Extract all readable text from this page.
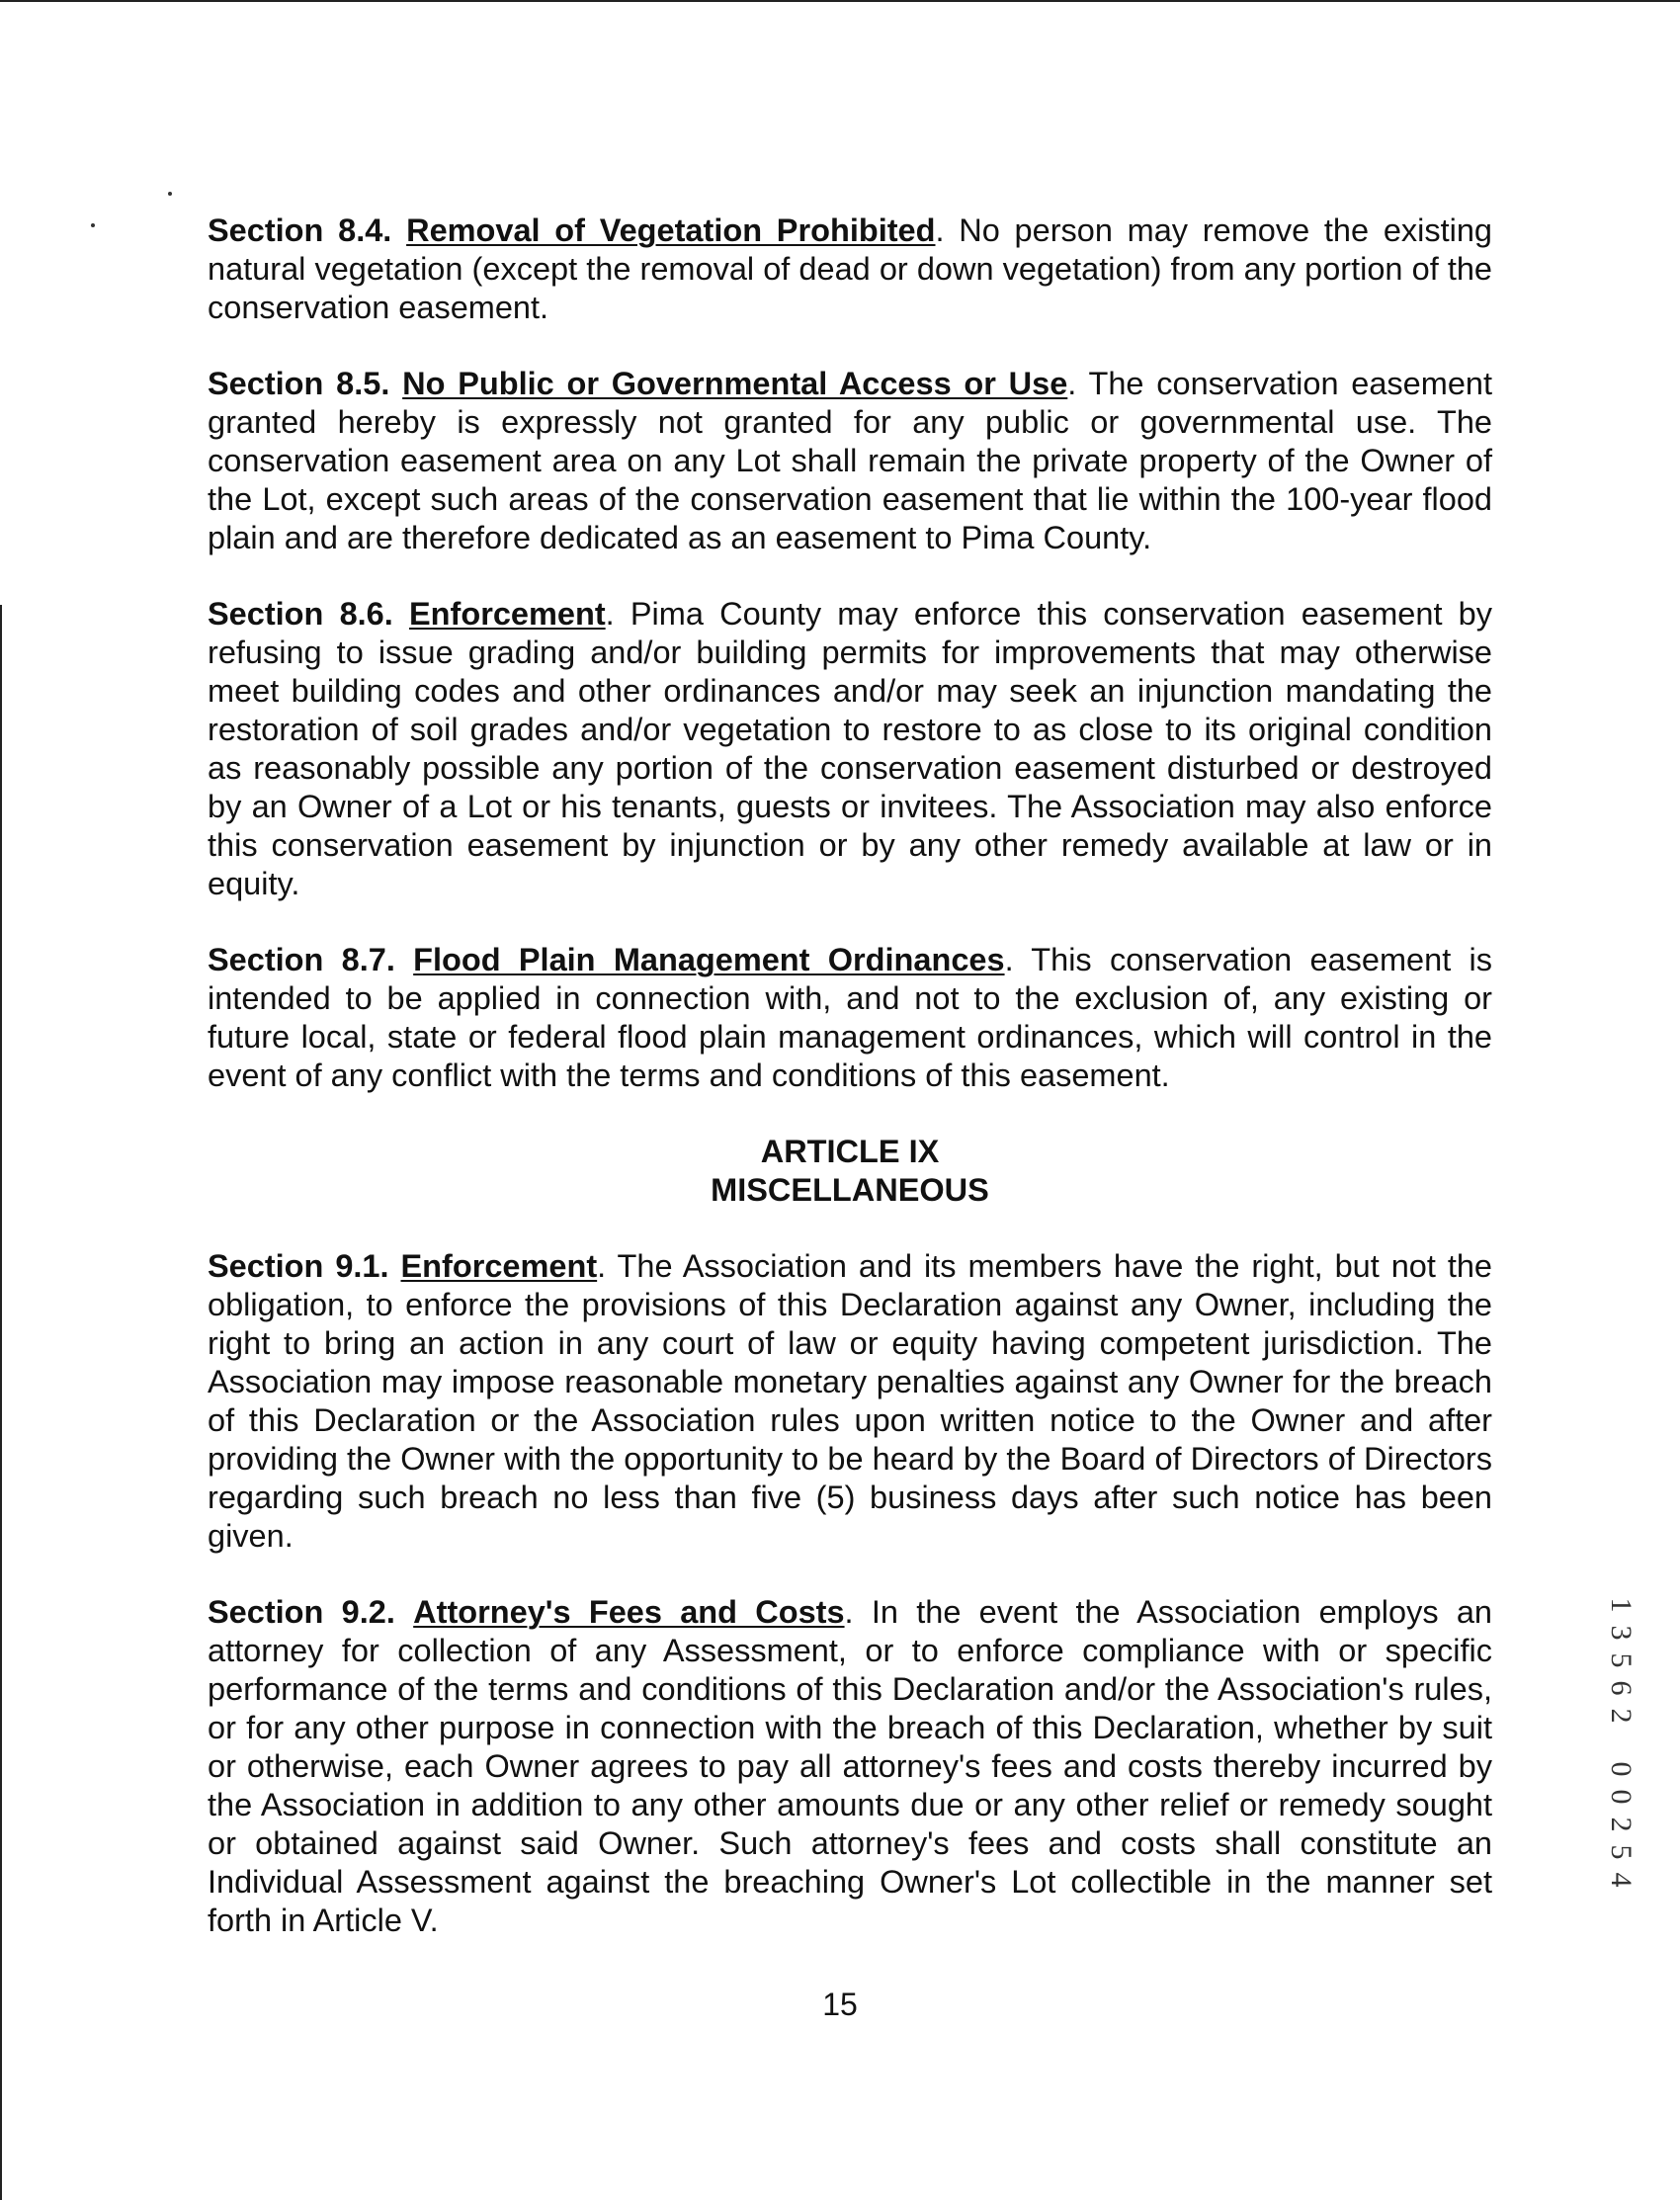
Section 8.4. Removal of Vegetation Prohibited. No person may remove the existing natural vegetation (except the removal of dead or down vegetation) from any portion of the conservation easement.

Section 8.5. No Public or Governmental Access or Use. The conservation easement granted hereby is expressly not granted for any public or governmental use. The conservation easement area on any Lot shall remain the private property of the Owner of the Lot, except such areas of the conservation easement that lie within the 100-year flood plain and are therefore dedicated as an easement to Pima County.

Section 8.6. Enforcement. Pima County may enforce this conservation easement by refusing to issue grading and/or building permits for improvements that may otherwise meet building codes and other ordinances and/or may seek an injunction mandating the restoration of soil grades and/or vegetation to restore to as close to its original condition as reasonably possible any portion of the conservation easement disturbed or destroyed by an Owner of a Lot or his tenants, guests or invitees. The Association may also enforce this conservation easement by injunction or by any other remedy available at law or in equity.

Section 8.7. Flood Plain Management Ordinances. This conservation easement is intended to be applied in connection with, and not to the exclusion of, any existing or future local, state or federal flood plain management ordinances, which will control in the event of any conflict with the terms and conditions of this easement.

ARTICLE IX
MISCELLANEOUS

Section 9.1. Enforcement. The Association and its members have the right, but not the obligation, to enforce the provisions of this Declaration against any Owner, including the right to bring an action in any court of law or equity having competent jurisdiction. The Association may impose reasonable monetary penalties against any Owner for the breach of this Declaration or the Association rules upon written notice to the Owner and after providing the Owner with the opportunity to be heard by the Board of Directors of Directors regarding such breach no less than five (5) business days after such notice has been given.

Section 9.2. Attorney's Fees and Costs. In the event the Association employs an attorney for collection of any Assessment, or to enforce compliance with or specific performance of the terms and conditions of this Declaration and/or the Association's rules, or for any other purpose in connection with the breach of this Declaration, whether by suit or otherwise, each Owner agrees to pay all attorney's fees and costs thereby incurred by the Association in addition to any other amounts due or any other relief or remedy sought or obtained against said Owner. Such attorney's fees and costs shall constitute an Individual Assessment against the breaching Owner's Lot collectible in the manner set forth in Article V.

15
1
3
5
6
2
0
0
2
5
4
